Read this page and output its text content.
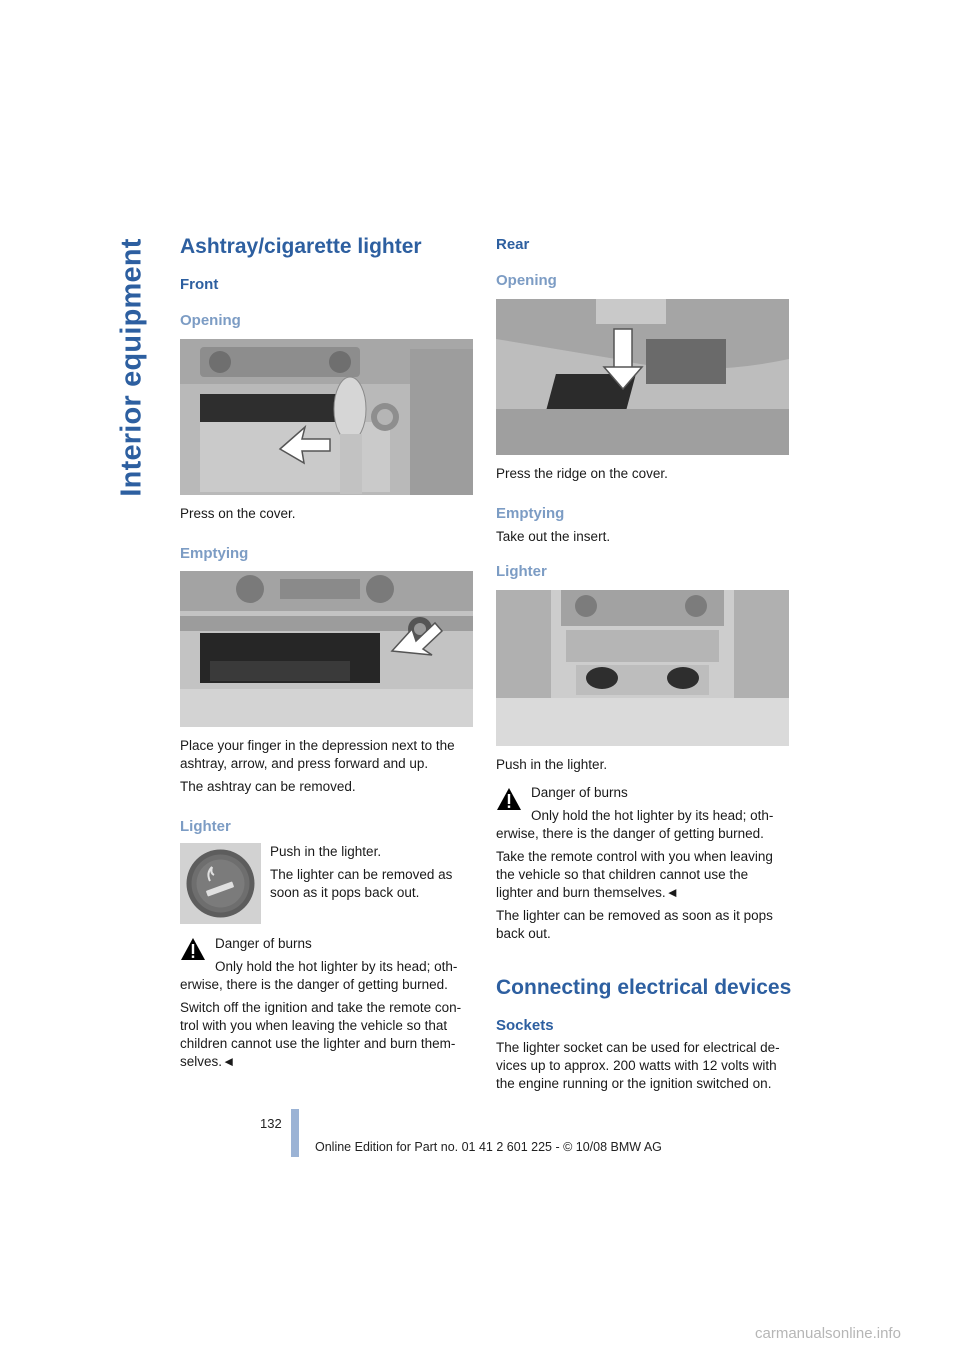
Interior equipment Ashtray/cigarette lighter
Front
Opening

Press on the cover.

Emptying

Place your finger in the depression next to the

ashtray, arrow, and press forward and up.

The ashtray can be removed.

Lighter

Push in the lighter.

The lighter can be removed as

soon as it pops back out.

Danger of burns

Only hold the hot lighter by its head; oth-

erwise, there is the danger of getting burned.

Switch off the ignition and take the remote con-

trol with you when leaving the vehicle so that

children cannot use the lighter and burn them-

selves.◄

Rear
Opening

Press the ridge on the cover.

Emptying

Take out the insert.

Lighter

Push in the lighter.

Danger of burns

Only hold the hot lighter by its head; oth-

erwise, there is the danger of getting burned.

Take the remote control with you when leaving

the vehicle so that children cannot use the

lighter and burn themselves.◄

The lighter can be removed as soon as it pops

back out.

Connecting electrical devices
Sockets

The lighter socket can be used for electrical de-

vices up to approx. 200 watts with 12 volts with

the engine running or the ignition switched on.

132
Online Edition for Part no. 01 41 2 601 225 - © 10/08 BMW AG
carmanualsonline.info
